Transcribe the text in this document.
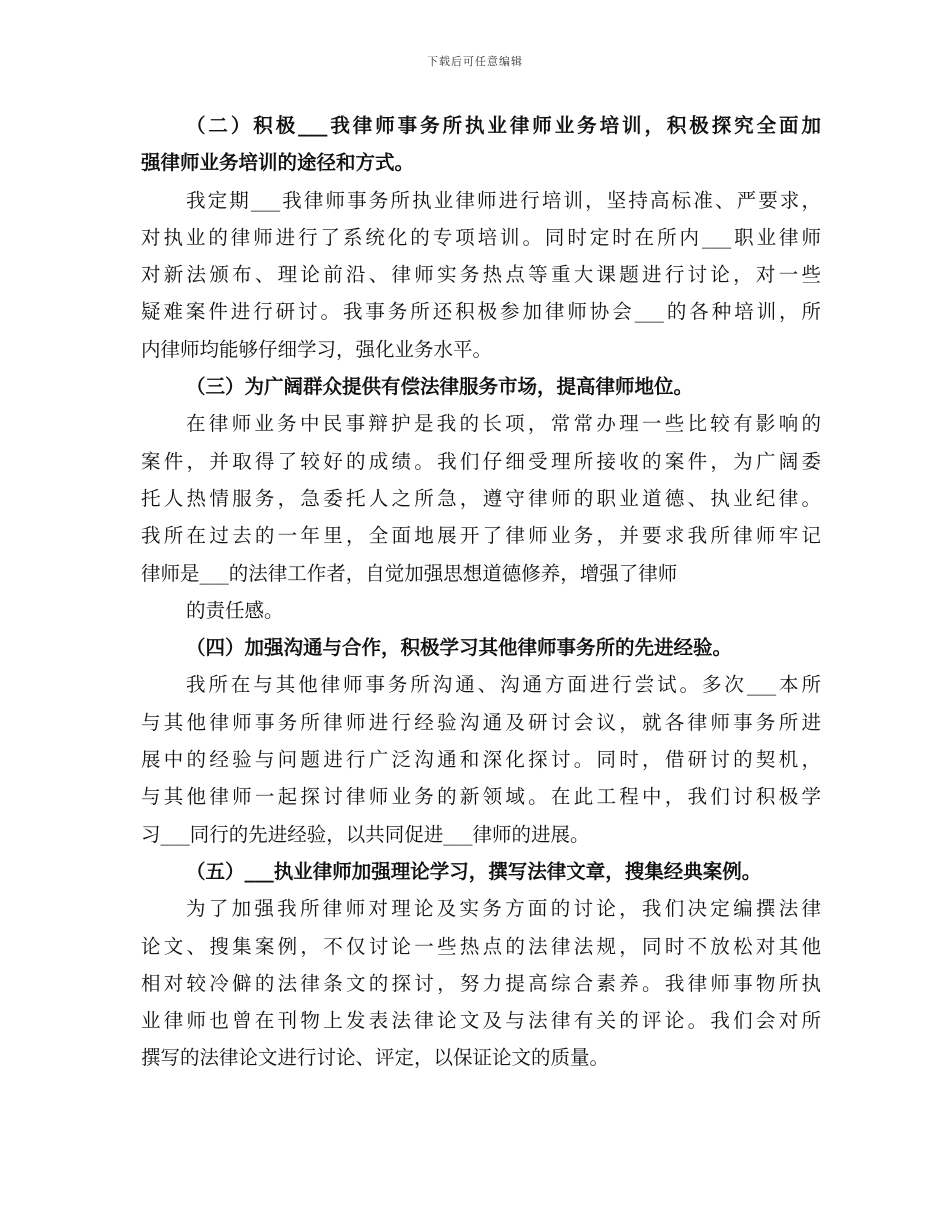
下载后可任意编辑
（二）积极___我律师事务所执业律师业务培训，积极探究全面加
强律师业务培训的途径和方式。
我定期___我律师事务所执业律师进行培训，坚持高标准、严要求，
对执业的律师进行了系统化的专项培训。同时定时在所内___职业律师
对新法颁布、理论前沿、律师实务热点等重大课题进行讨论，对一些
疑难案件进行研讨。我事务所还积极参加律师协会___的各种培训，所
内律师均能够仔细学习，强化业务水平。
（三）为广阔群众提供有偿法律服务市场，提高律师地位。
在律师业务中民事辩护是我的长项，常常办理一些比较有影响的
案件，并取得了较好的成绩。我们仔细受理所接收的案件，为广阔委
托人热情服务，急委托人之所急，遵守律师的职业道德、执业纪律。
我所在过去的一年里，全面地展开了律师业务，并要求我所律师牢记
律师是___的法律工作者，自觉加强思想道德修养，增强了律师
的责任感。
（四）加强沟通与合作，积极学习其他律师事务所的先进经验。
我所在与其他律师事务所沟通、沟通方面进行尝试。多次___本所
与其他律师事务所律师进行经验沟通及研讨会议，就各律师事务所进
展中的经验与问题进行广泛沟通和深化探讨。同时，借研讨的契机，
与其他律师一起探讨律师业务的新领域。在此工程中，我们讨积极学
习___同行的先进经验，以共同促进___律师的进展。
（五）___执业律师加强理论学习，撰写法律文章，搜集经典案例。
为了加强我所律师对理论及实务方面的讨论，我们决定编撰法律
论文、搜集案例，不仅讨论一些热点的法律法规，同时不放松对其他
相对较冷僻的法律条文的探讨，努力提高综合素养。我律师事物所执
业律师也曾在刊物上发表法律论文及与法律有关的评论。我们会对所
撰写的法律论文进行讨论、评定，以保证论文的质量。
